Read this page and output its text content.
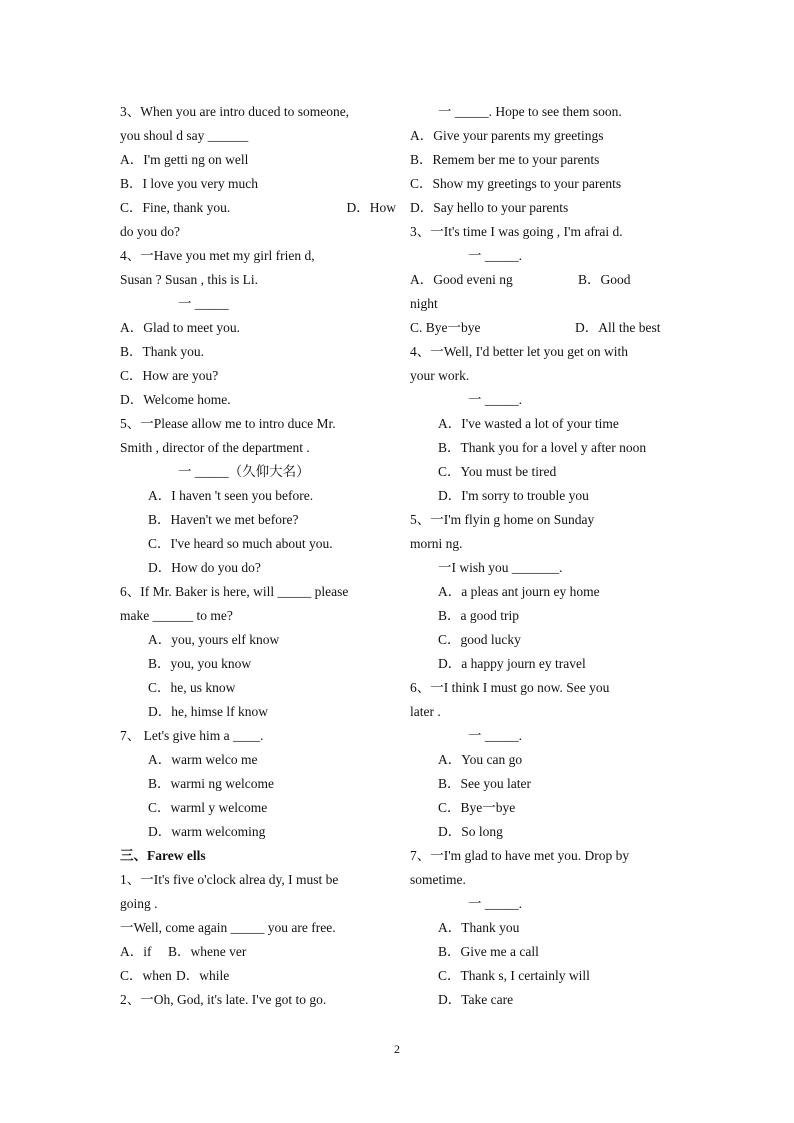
3、When you are intro duced to someone,
you shoul d say ______
A．I'm getti ng on well
B．I love you very much
C．Fine, thank you.	D．How
do you do?
4、一Have you met my girl frien d,
Susan ? Susan , this is Li.
一 _____
A．Glad to meet you.
B．Thank you.
C．How are you?
D．Welcome home.
5、一Please allow me to intro duce Mr.
Smith , director of the department .
一 _____（久仰大名）
A．I haven 't seen you before.
B．Haven't we met before?
C．I've heard so much about you.
D．How do you do?
6、If Mr. Baker is here, will _____ please
make ______ to me?
A．you, yours elf know
B．you, you know
C．he, us know
D．he, himse lf know
7、 Let's give him a ____.
A．warm welco me
B．warmi ng welcome
C．warml y welcome
D．warm welcoming
三、Farew ells
1、一It's five o'clock alrea dy, I must be
going .
一Well, come again _____ you are free.
A．if B．whene ver
C．when D．while
2、一Oh, God, it's late. I've got to go.
一 _____. Hope to see them soon.
A．Give your parents my greetings
B．Remem ber me to your parents
C．Show my greetings to your parents
D．Say hello to your parents
3、一It's time I was going , I'm afrai d.
一 _____.
A．Good eveni ng	B．Good
night
C. Bye一bye	D．All the best
4、一Well, I'd better let you get on with
your work.
一 _____.
A．I've wasted a lot of your time
B．Thank you for a lovel y after noon
C．You must be tired
D．I'm sorry to trouble you
5、一I'm flyin g home on Sunday
morni ng.
一I wish you _______.
A．a pleas ant journ ey home
B．a good trip
C．good lucky
D．a happy journ ey travel
6、一I think I must go now. See you
later .
一 _____.
A．You can go
B．See you later
C．Bye一bye
D．So long
7、一I'm glad to have met you. Drop by
sometime.
一 _____.
A．Thank you
B．Give me a call
C．Thank s, I certainly will
D．Take care
2
